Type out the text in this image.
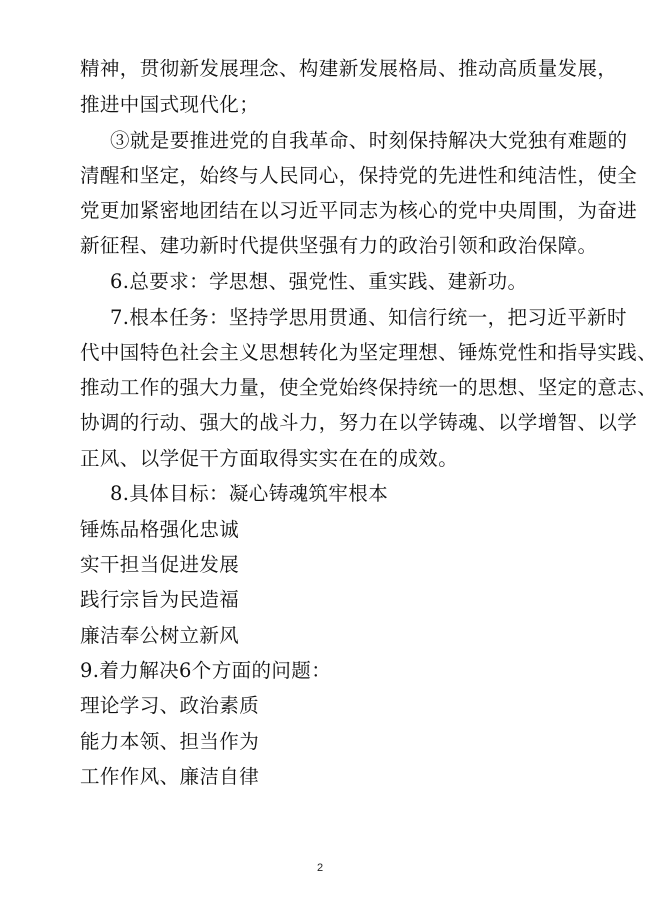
精神，贯彻新发展理念、构建新发展格局、推动高质量发展，
推进中国式现代化；
③就是要推进党的自我革命、时刻保持解决大党独有难题的
清醒和坚定，始终与人民同心，保持党的先进性和纯洁性，使全
党更加紧密地团结在以习近平同志为核心的党中央周围，为奋进
新征程、建功新时代提供坚强有力的政治引领和政治保障。
6.总要求：学思想、强党性、重实践、建新功。
7.根本任务：坚持学思用贯通、知信行统一，把习近平新时
代中国特色社会主义思想转化为坚定理想、锤炼党性和指导实践、
推动工作的强大力量，使全党始终保持统一的思想、坚定的意志、
协调的行动、强大的战斗力，努力在以学铸魂、以学增智、以学
正风、以学促干方面取得实实在在的成效。
8.具体目标：凝心铸魂筑牢根本
锤炼品格强化忠诚
实干担当促进发展
践行宗旨为民造福
廉洁奉公树立新风
9.着力解决6个方面的问题：
理论学习、政治素质
能力本领、担当作为
工作作风、廉洁自律
2
